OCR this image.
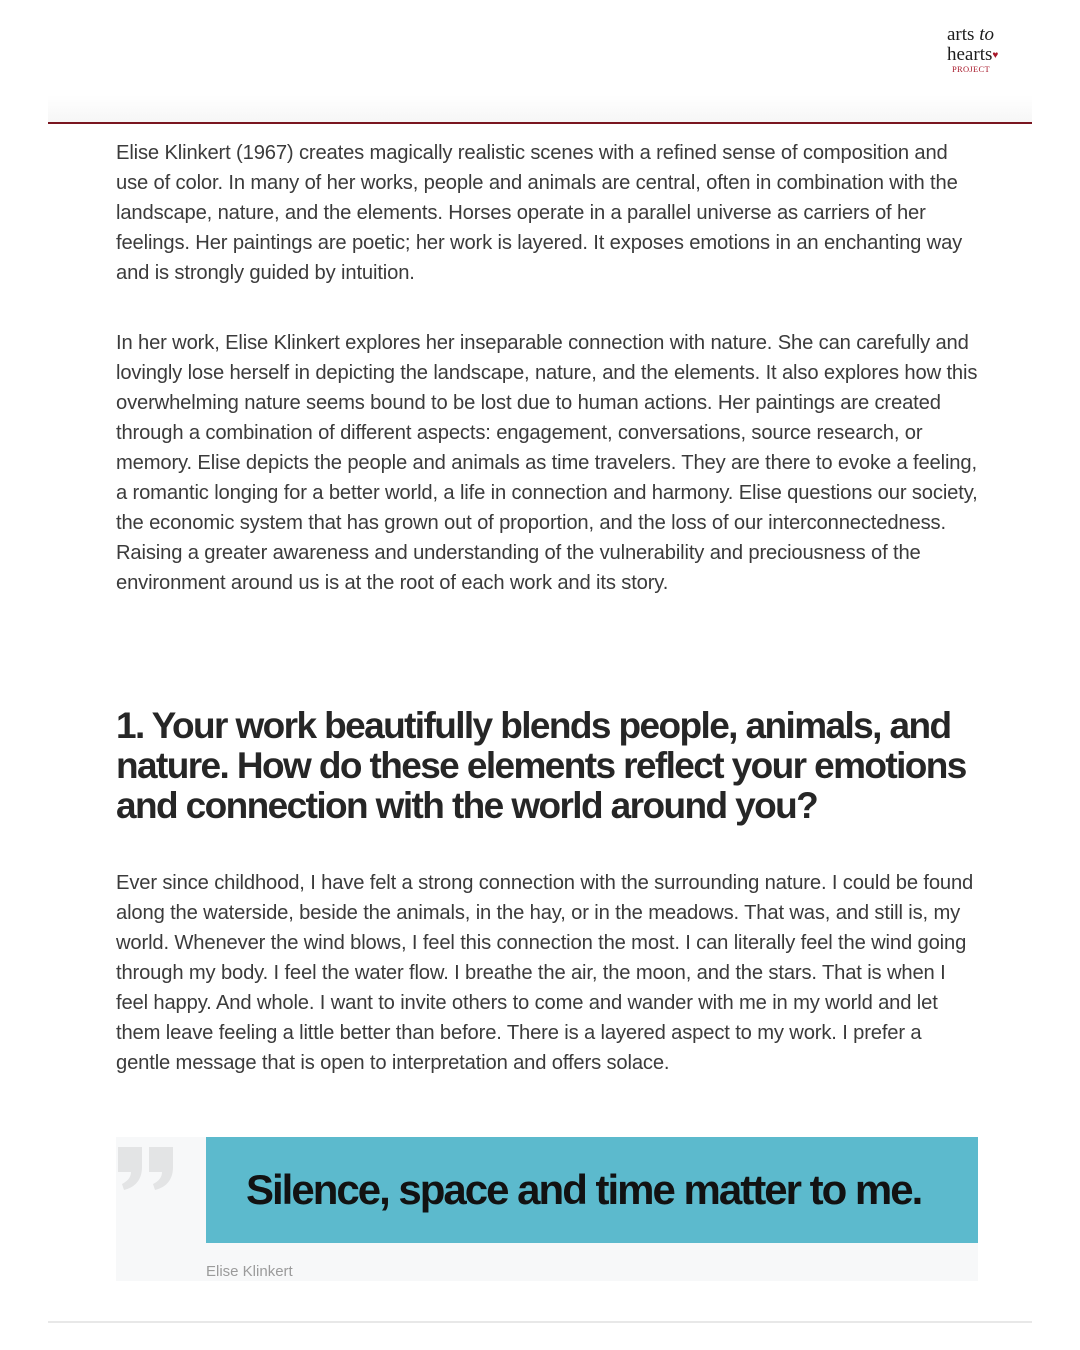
arts to
hearts♥
PROJECT

Elise Klinkert (1967) creates magically realistic scenes with a refined sense of composition and use of color. In many of her works, people and animals are central, often in combination with the landscape, nature, and the elements. Horses operate in a parallel universe as carriers of her feelings. Her paintings are poetic; her work is layered. It exposes emotions in an enchanting way and is strongly guided by intuition.

In her work, Elise Klinkert explores her inseparable connection with nature. She can carefully and lovingly lose herself in depicting the landscape, nature, and the elements. It also explores how this overwhelming nature seems bound to be lost due to human actions. Her paintings are created through a combination of different aspects: engagement, conversations, source research, or memory. Elise depicts the people and animals as time travelers. They are there to evoke a feeling, a romantic longing for a better world, a life in connection and harmony. Elise questions our society, the economic system that has grown out of proportion, and the loss of our interconnectedness. Raising a greater awareness and understanding of the vulnerability and preciousness of the environment around us is at the root of each work and its story.

1. Your work beautifully blends people, animals, and nature. How do these elements reflect your emotions and connection with the world around you?

Ever since childhood, I have felt a strong connection with the surrounding nature. I could be found along the waterside, beside the animals, in the hay, or in the meadows. That was, and still is, my world. Whenever the wind blows, I feel this connection the most. I can literally feel the wind going through my body. I feel the water flow. I breathe the air, the moon, and the stars. That is when I feel happy. And whole. I want to invite others to come and wander with me in my world and let them leave feeling a little better than before. There is a layered aspect to my work. I prefer a gentle message that is open to interpretation and offers solace.

Silence, space and time matter to me.

Elise Klinkert
